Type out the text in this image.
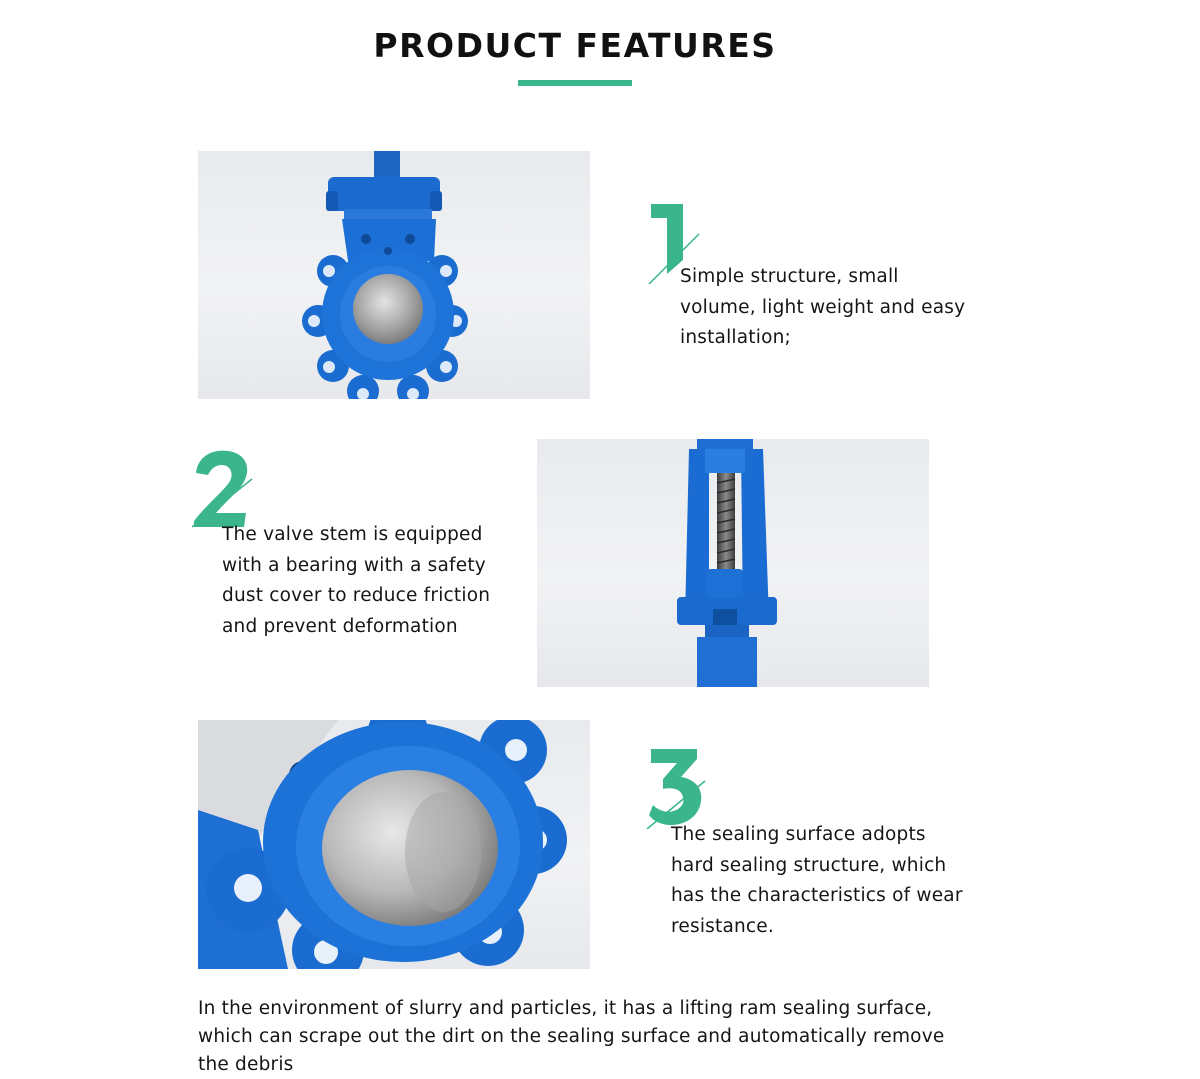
PRODUCT FEATURES
Simple structure, small volume, light weight and easy installation;
The valve stem is equipped with a bearing with a safety dust cover to reduce friction and prevent deformation
The sealing surface adopts hard sealing structure, which has the characteristics of wear resistance.
In the environment of slurry and particles, it has a lifting ram sealing surface, which can scrape out the dirt on the sealing surface and automatically remove the debris
